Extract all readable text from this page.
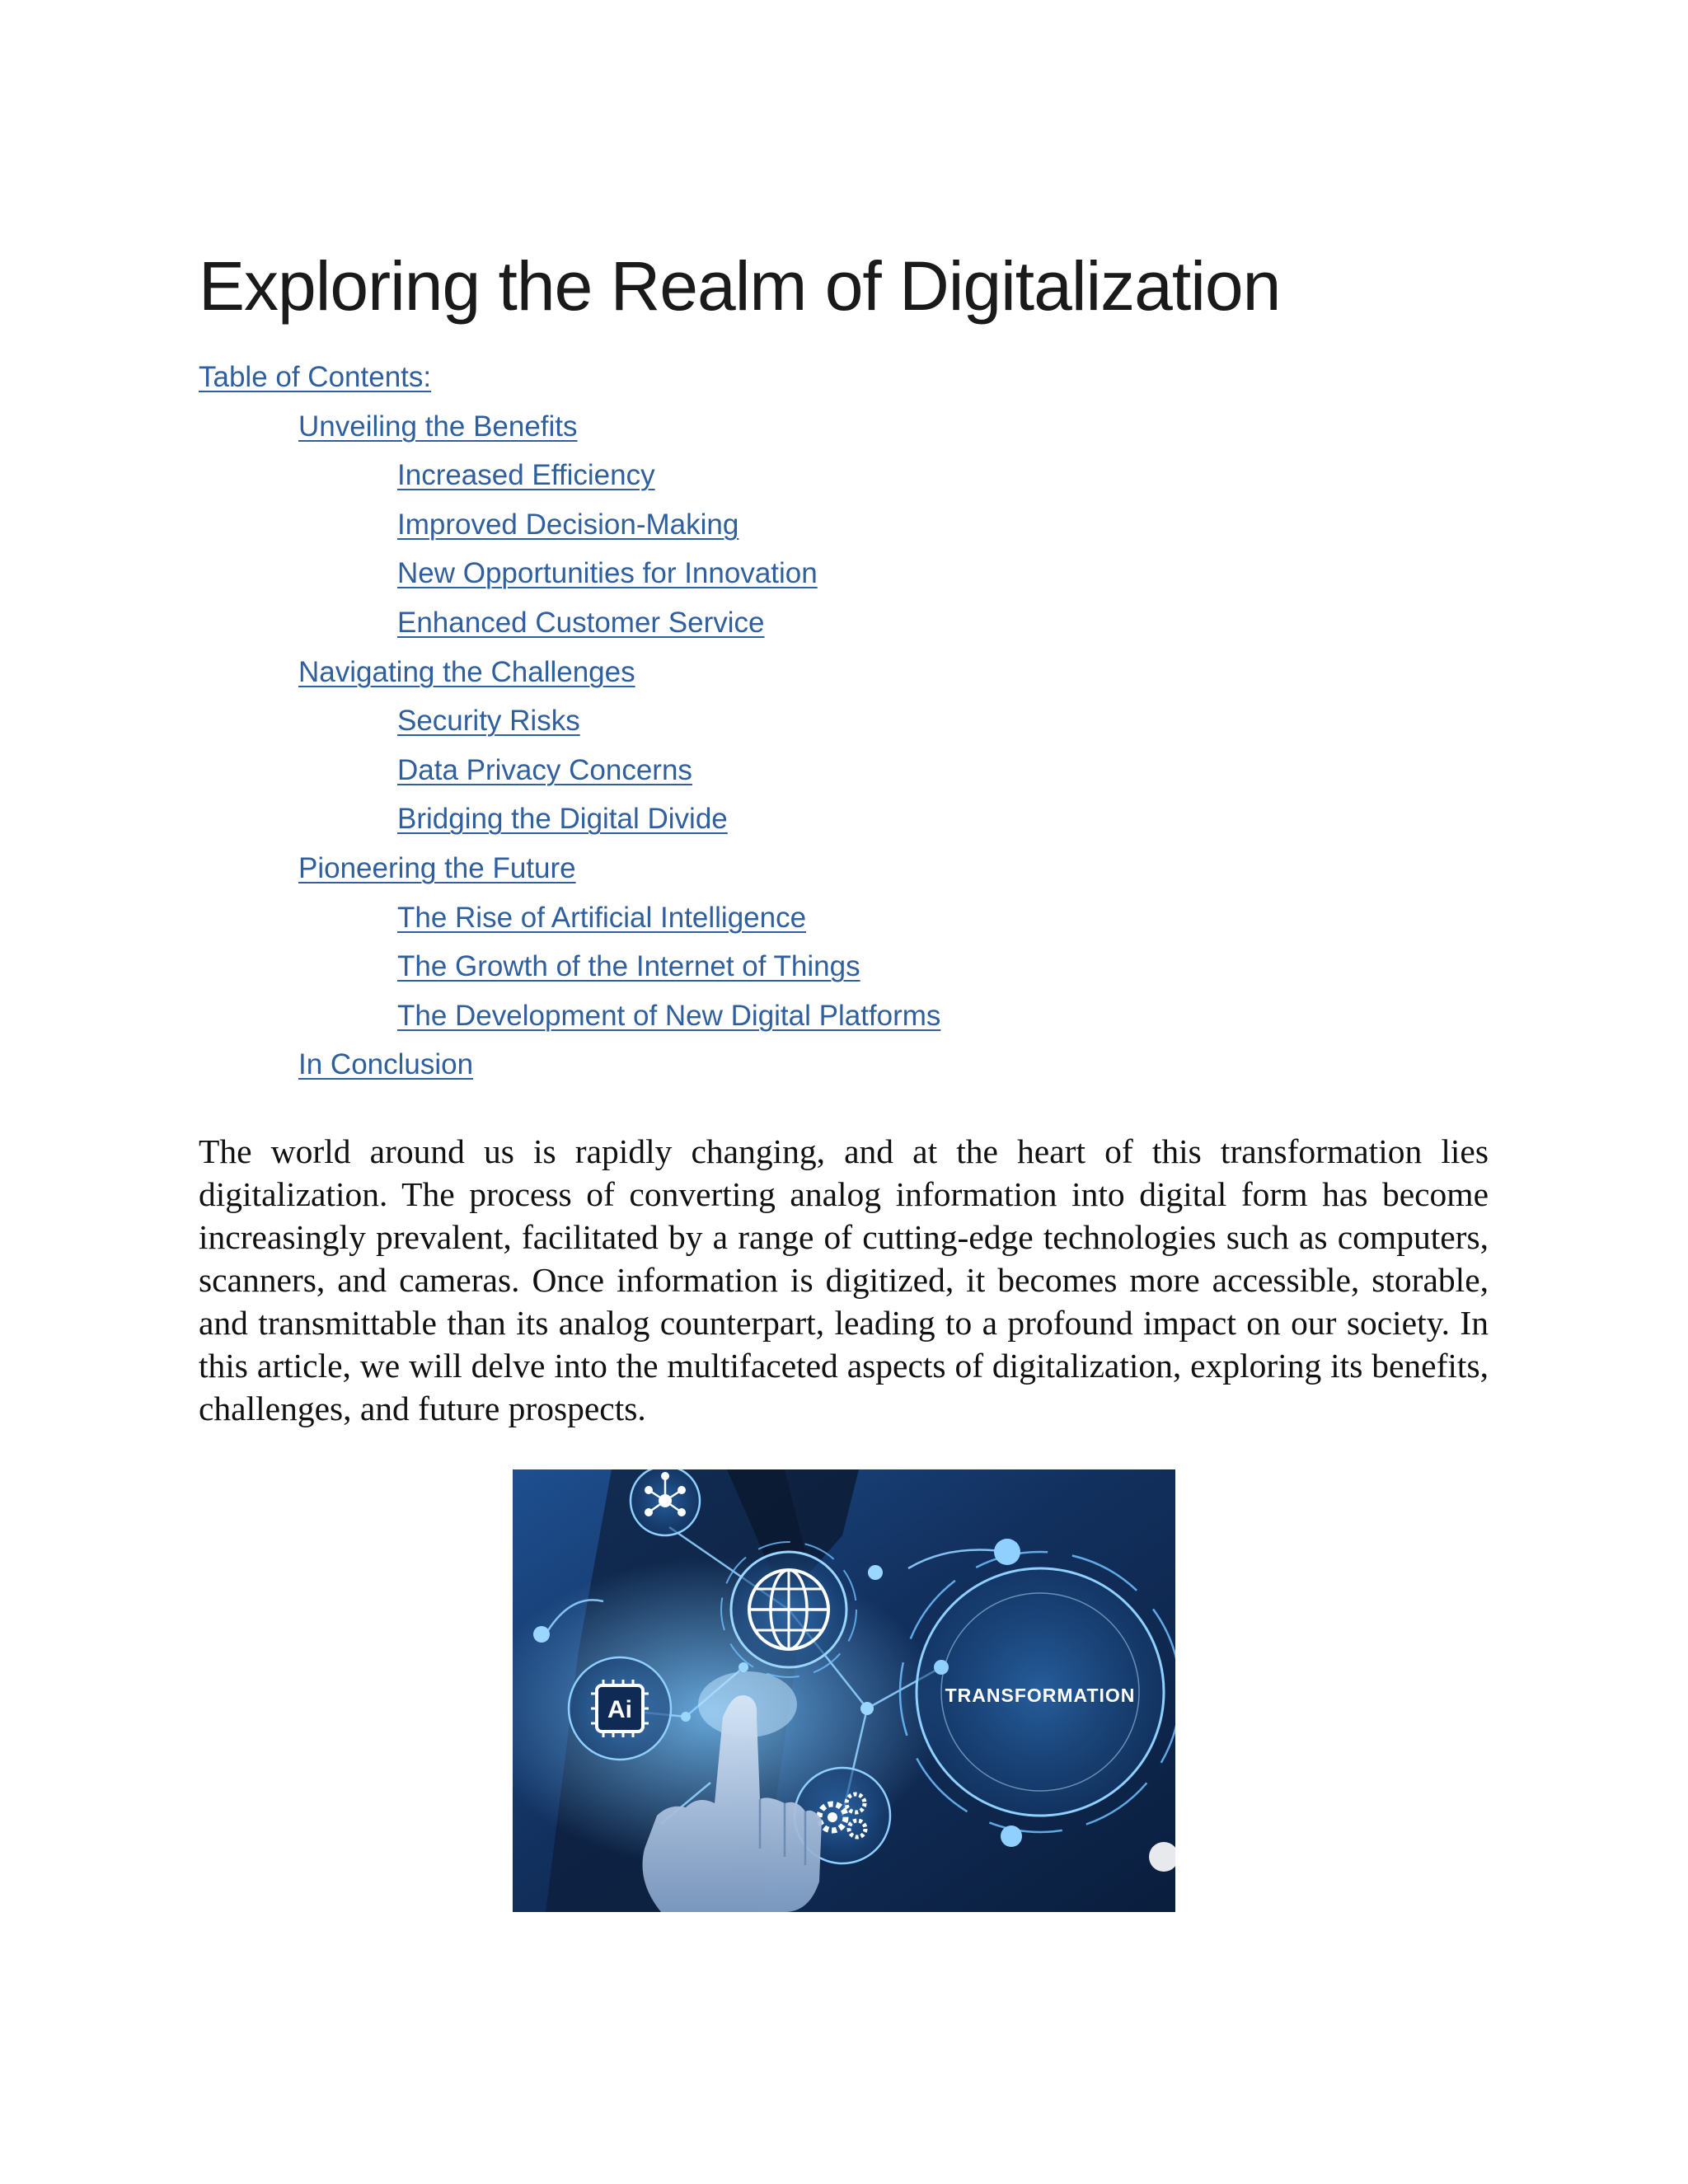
Exploring the Realm of Digitalization
Table of Contents:
Unveiling the Benefits
Increased Efficiency
Improved Decision-Making
New Opportunities for Innovation
Enhanced Customer Service
Navigating the Challenges
Security Risks
Data Privacy Concerns
Bridging the Digital Divide
Pioneering the Future
The Rise of Artificial Intelligence
The Growth of the Internet of Things
The Development of New Digital Platforms
In Conclusion

The world around us is rapidly changing, and at the heart of this transformation lies digitalization. The process of converting analog information into digital form has become increasingly prevalent, facilitated by a range of cutting-edge technologies such as computers, scanners, and cameras. Once information is digitized, it becomes more accessible, storable, and transmittable than its analog counterpart, leading to a profound impact on our society. In this article, we will delve into the multifaceted aspects of digitalization, exploring its benefits, challenges, and future prospects.

Ai
TRANSFORMATION
